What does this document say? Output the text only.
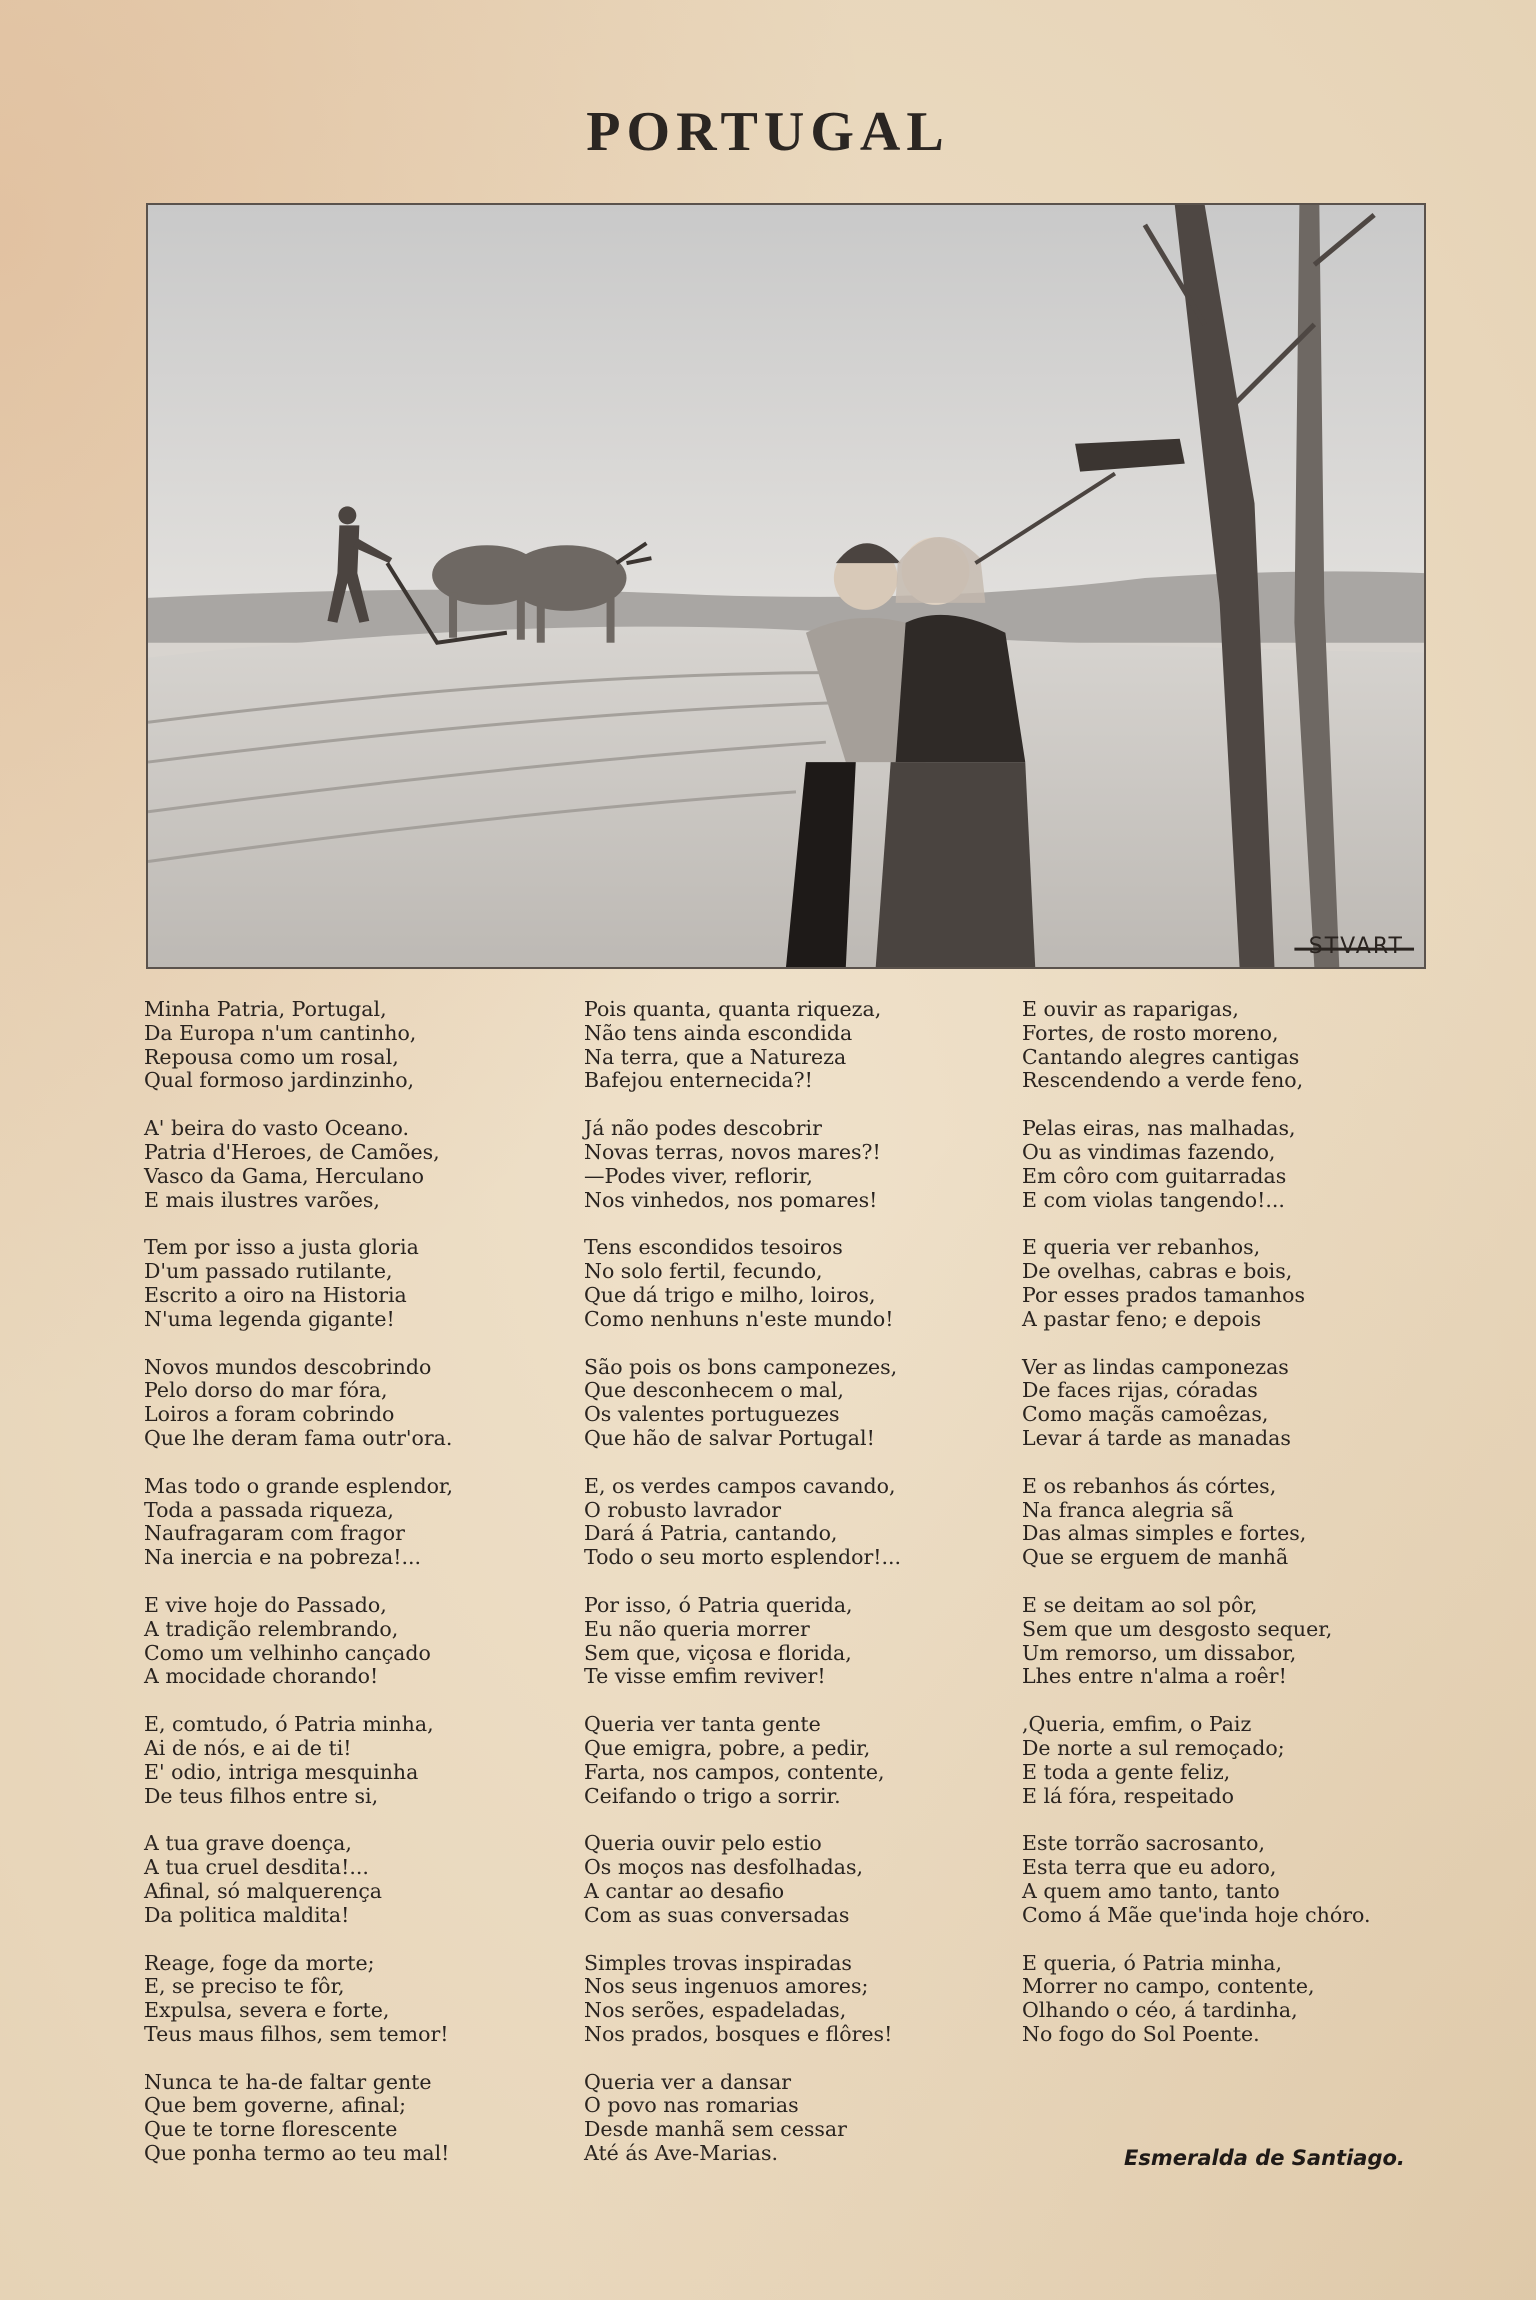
PORTUGAL
STVART
Minha Patria, Portugal,
Da Europa n'um cantinho,
Repousa como um rosal,
Qual formoso jardinzinho,
A' beira do vasto Oceano.
Patria d'Heroes, de Camões,
Vasco da Gama, Herculano
E mais ilustres varões,
Tem por isso a justa gloria
D'um passado rutilante,
Escrito a oiro na Historia
N'uma legenda gigante!
Novos mundos descobrindo
Pelo dorso do mar fóra,
Loiros a foram cobrindo
Que lhe deram fama outr'ora.
Mas todo o grande esplendor,
Toda a passada riqueza,
Naufragaram com fragor
Na inercia e na pobreza!...
E vive hoje do Passado,
A tradição relembrando,
Como um velhinho cançado
A mocidade chorando!
E, comtudo, ó Patria minha,
Ai de nós, e ai de ti!
E' odio, intriga mesquinha
De teus filhos entre si,
A tua grave doença,
A tua cruel desdita!...
Afinal, só malquerença
Da politica maldita!
Reage, foge da morte;
E, se preciso te fôr,
Expulsa, severa e forte,
Teus maus filhos, sem temor!
Nunca te ha-de faltar gente
Que bem governe, afinal;
Que te torne florescente
Que ponha termo ao teu mal!
Pois quanta, quanta riqueza,
Não tens ainda escondida
Na terra, que a Natureza
Bafejou enternecida?!
Já não podes descobrir
Novas terras, novos mares?!
—Podes viver, reflorir,
Nos vinhedos, nos pomares!
Tens escondidos tesoiros
No solo fertil, fecundo,
Que dá trigo e milho, loiros,
Como nenhuns n'este mundo!
São pois os bons camponezes,
Que desconhecem o mal,
Os valentes portuguezes
Que hão de salvar Portugal!
E, os verdes campos cavando,
O robusto lavrador
Dará á Patria, cantando,
Todo o seu morto esplendor!...
Por isso, ó Patria querida,
Eu não queria morrer
Sem que, viçosa e florida,
Te visse emfim reviver!
Queria ver tanta gente
Que emigra, pobre, a pedir,
Farta, nos campos, contente,
Ceifando o trigo a sorrir.
Queria ouvir pelo estio
Os moços nas desfolhadas,
A cantar ao desafio
Com as suas conversadas
Simples trovas inspiradas
Nos seus ingenuos amores;
Nos serões, espadeladas,
Nos prados, bosques e flôres!
Queria ver a dansar
O povo nas romarias
Desde manhã sem cessar
Até ás Ave-Marias.
E ouvir as raparigas,
Fortes, de rosto moreno,
Cantando alegres cantigas
Rescendendo a verde feno,
Pelas eiras, nas malhadas,
Ou as vindimas fazendo,
Em côro com guitarradas
E com violas tangendo!...
E queria ver rebanhos,
De ovelhas, cabras e bois,
Por esses prados tamanhos
A pastar feno; e depois
Ver as lindas camponezas
De faces rijas, córadas
Como maçãs camoêzas,
Levar á tarde as manadas
E os rebanhos ás córtes,
Na franca alegria sã
Das almas simples e fortes,
Que se erguem de manhã
E se deitam ao sol pôr,
Sem que um desgosto sequer,
Um remorso, um dissabor,
Lhes entre n'alma a roêr!
,Queria, emfim, o Paiz
De norte a sul remoçado;
E toda a gente feliz,
E lá fóra, respeitado
Este torrão sacrosanto,
Esta terra que eu adoro,
A quem amo tanto, tanto
Como á Mãe que'inda hoje chóro.
E queria, ó Patria minha,
Morrer no campo, contente,
Olhando o céo, á tardinha,
No fogo do Sol Poente.
Esmeralda de Santiago.
